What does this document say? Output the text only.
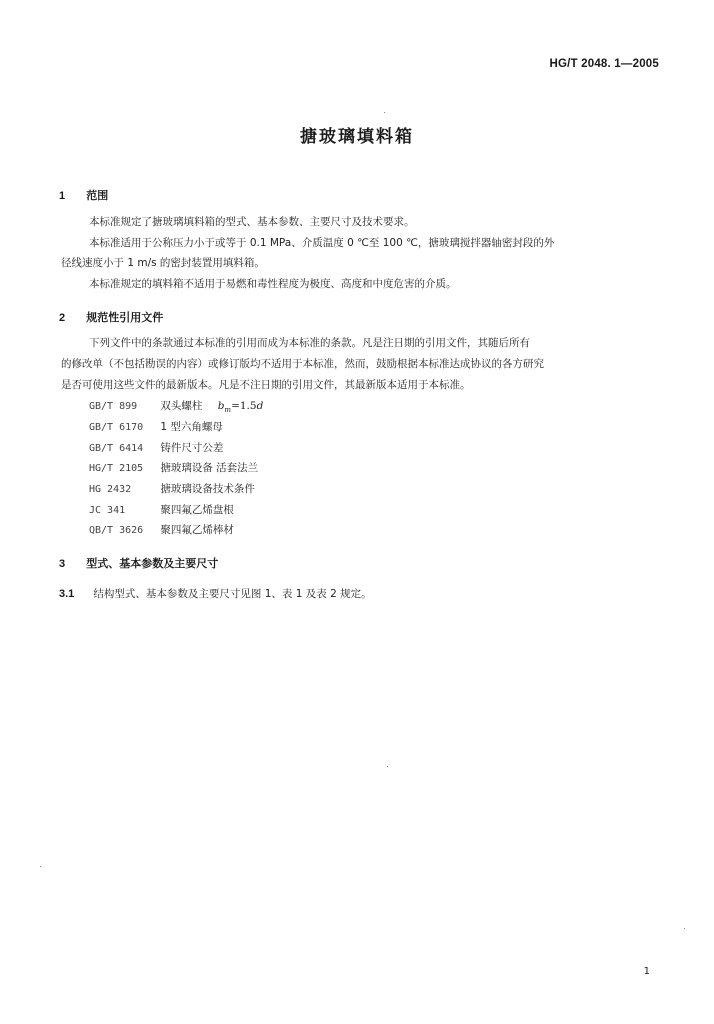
HG/T 2048. 1—2005
搪玻璃填料箱
1 范围
本标准规定了搪玻璃填料箱的型式、基本参数、主要尺寸及技术要求。
本标准适用于公称压力小于或等于 0.1 MPa、介质温度 0 ℃至 100 ℃，搪玻璃搅拌器轴密封段的外
径线速度小于 1 m/s 的密封装置用填料箱。
本标准规定的填料箱不适用于易燃和毒性程度为极度、高度和中度危害的介质。
2 规范性引用文件
下列文件中的条款通过本标准的引用而成为本标准的条款。凡是注日期的引用文件，其随后所有
的修改单（不包括勘误的内容）或修订版均不适用于本标准，然而，鼓励根据本标准达成协议的各方研究
是否可使用这些文件的最新版本。凡是不注日期的引用文件，其最新版本适用于本标准。
GB/T 899 双头螺柱 $b_m=1.5d$
GB/T 6170 1 型六角螺母
GB/T 6414 铸件尺寸公差
HG/T 2105 搪玻璃设备 活套法兰
HG 2432	搪玻璃设备技术条件
JC 341	聚四氟乙烯盘根
QB/T 3626 聚四氟乙烯棒材
3 型式、基本参数及主要尺寸
3.1 结构型式、基本参数及主要尺寸见图 1、表 1 及表 2 规定。
1
